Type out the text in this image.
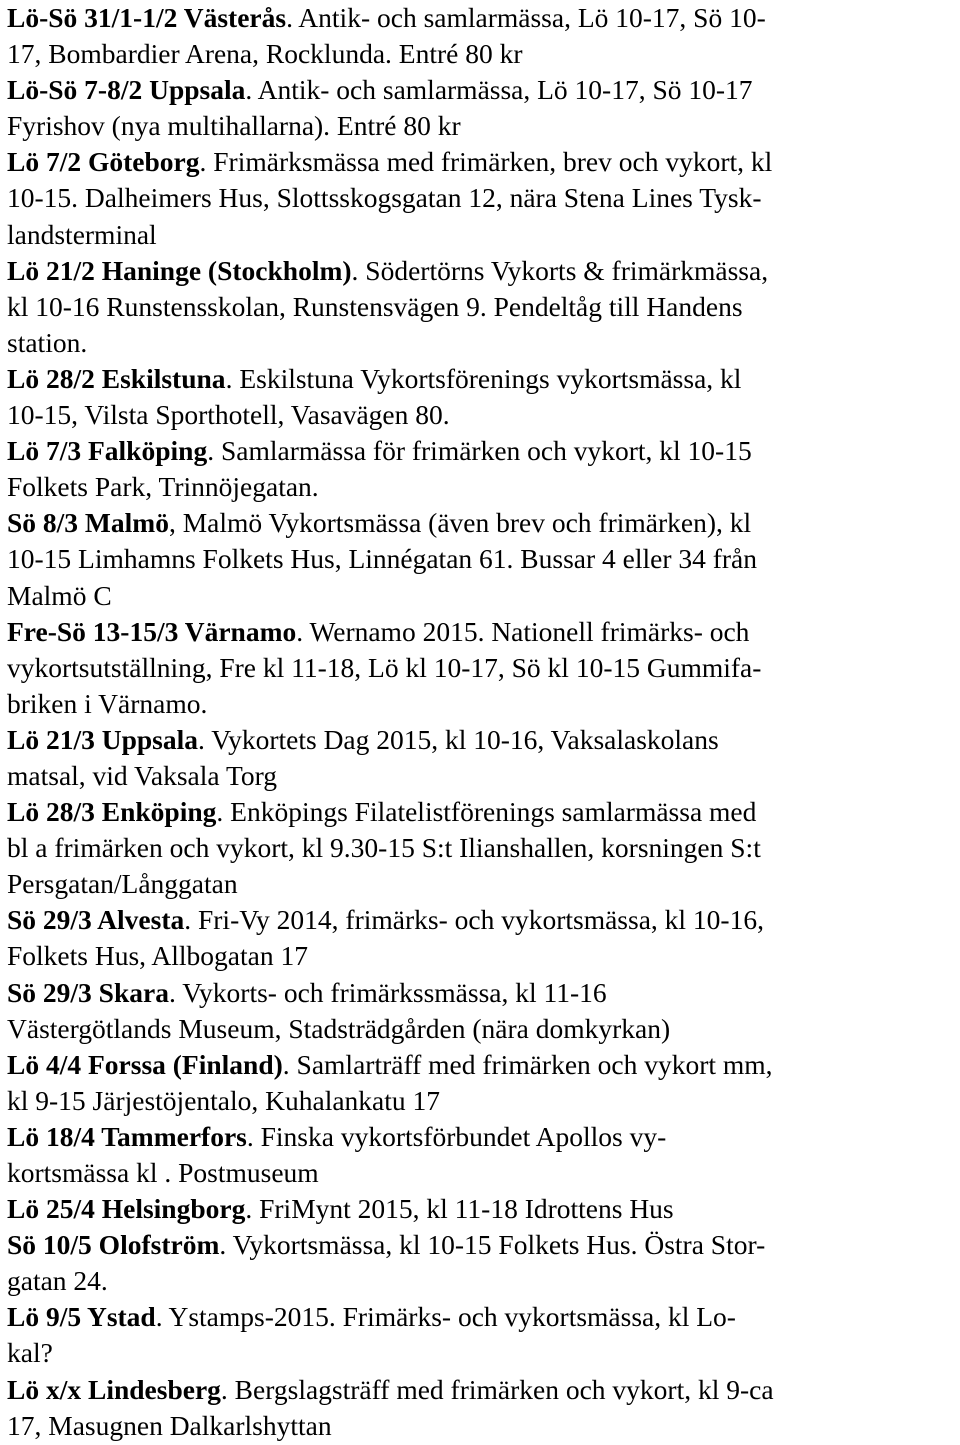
Lö-Sö 31/1-1/2 Västerås. Antik- och samlarmässa, Lö 10-17, Sö 10-
17, Bombardier Arena, Rocklunda. Entré 80 kr
Lö-Sö 7-8/2 Uppsala. Antik- och samlarmässa, Lö 10-17, Sö 10-17
Fyrishov (nya multihallarna). Entré 80 kr
Lö 7/2 Göteborg. Frimärksmässa med frimärken, brev och vykort, kl
10-15. Dalheimers Hus, Slottsskogsgatan 12, nära Stena Lines Tysk-
landsterminal
Lö 21/2 Haninge (Stockholm). Södertörns Vykorts & frimärkmässa,
kl 10-16 Runstensskolan, Runstensvägen 9. Pendeltåg till Handens
station.
Lö 28/2 Eskilstuna. Eskilstuna Vykortsförenings vykortsmässa, kl
10-15, Vilsta Sporthotell, Vasavägen 80.
Lö 7/3 Falköping. Samlarmässa för frimärken och vykort, kl 10-15
Folkets Park, Trinnöjegatan.
Sö 8/3 Malmö, Malmö Vykortsmässa (även brev och frimärken), kl
10-15 Limhamns Folkets Hus, Linnégatan 61. Bussar 4 eller 34 från
Malmö C
Fre-Sö 13-15/3 Värnamo. Wernamo 2015. Nationell frimärks- och
vykortsutställning, Fre kl 11-18, Lö kl 10-17, Sö kl 10-15 Gummifa-
briken i Värnamo.
Lö 21/3 Uppsala. Vykortets Dag 2015, kl 10-16, Vaksalaskolans
matsal, vid Vaksala Torg
Lö 28/3 Enköping. Enköpings Filatelistförenings samlarmässa med
bl a frimärken och vykort, kl 9.30-15 S:t Ilianshallen, korsningen S:t
Persgatan/Långgatan
Sö 29/3 Alvesta. Fri-Vy 2014, frimärks- och vykortsmässa, kl 10-16,
Folkets Hus, Allbogatan 17
Sö 29/3 Skara. Vykorts- och frimärkssmässa, kl 11-16
Västergötlands Museum, Stadsträdgården (nära domkyrkan)
Lö 4/4 Forssa (Finland). Samlarträff med frimärken och vykort mm,
kl 9-15 Järjestöjentalo, Kuhalankatu 17
Lö 18/4 Tammerfors. Finska vykortsförbundet Apollos vy-
kortsmässa kl . Postmuseum
Lö 25/4 Helsingborg. FriMynt 2015, kl 11-18 Idrottens Hus
Sö 10/5 Olofström. Vykortsmässa, kl 10-15 Folkets Hus. Östra Stor-
gatan 24.
Lö 9/5 Ystad. Ystamps-2015. Frimärks- och vykortsmässa, kl Lo-
kal?
Lö x/x Lindesberg. Bergslagsträff med frimärken och vykort, kl 9-ca
17, Masugnen Dalkarlshyttan
